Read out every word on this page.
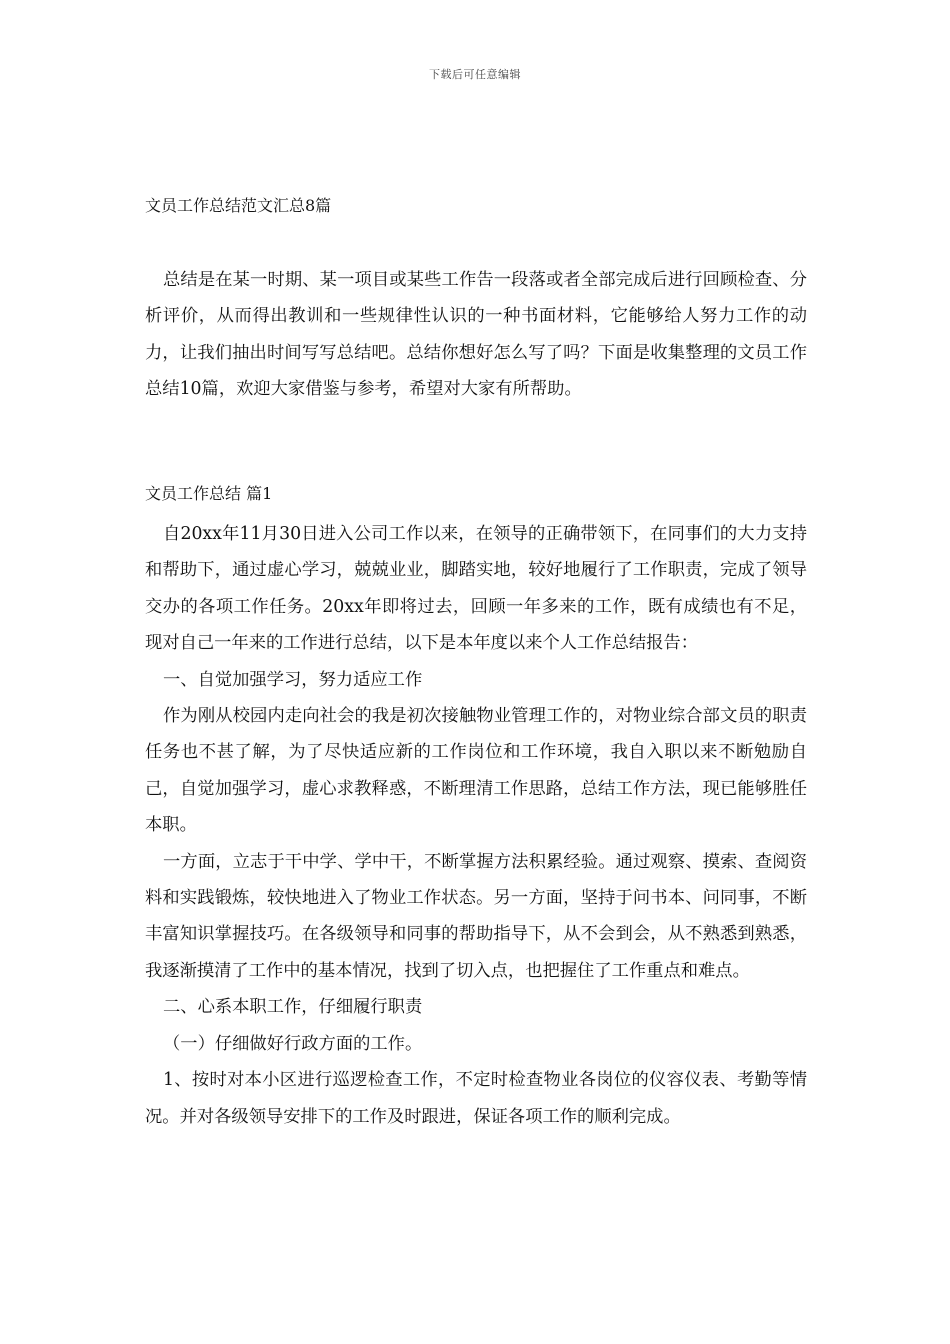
下载后可任意编辑
文员工作总结范文汇总8篇

总结是在某一时期、某一项目或某些工作告一段落或者全部完成后进行回顾检查、分析评价，从而得出教训和一些规律性认识的一种书面材料，它能够给人努力工作的动力，让我们抽出时间写写总结吧。总结你想好怎么写了吗？下面是收集整理的文员工作总结10篇，欢迎大家借鉴与参考，希望对大家有所帮助。

文员工作总结 篇1

自20xx年11月30日进入公司工作以来，在领导的正确带领下，在同事们的大力支持和帮助下，通过虚心学习，兢兢业业，脚踏实地，较好地履行了工作职责，完成了领导交办的各项工作任务。20xx年即将过去，回顾一年多来的工作，既有成绩也有不足，现对自己一年来的工作进行总结，以下是本年度以来个人工作总结报告：

一、自觉加强学习，努力适应工作

作为刚从校园内走向社会的我是初次接触物业管理工作的，对物业综合部文员的职责任务也不甚了解，为了尽快适应新的工作岗位和工作环境，我自入职以来不断勉励自己，自觉加强学习，虚心求教释惑，不断理清工作思路，总结工作方法，现已能够胜任本职。

一方面，立志于干中学、学中干，不断掌握方法积累经验。通过观察、摸索、查阅资料和实践锻炼，较快地进入了物业工作状态。另一方面，坚持于问书本、问同事，不断丰富知识掌握技巧。在各级领导和同事的帮助指导下，从不会到会，从不熟悉到熟悉，我逐渐摸清了工作中的基本情况，找到了切入点，也把握住了工作重点和难点。

二、心系本职工作，仔细履行职责

（一）仔细做好行政方面的工作。

1、按时对本小区进行巡逻检查工作，不定时检查物业各岗位的仪容仪表、考勤等情况。并对各级领导安排下的工作及时跟进，保证各项工作的顺利完成。
